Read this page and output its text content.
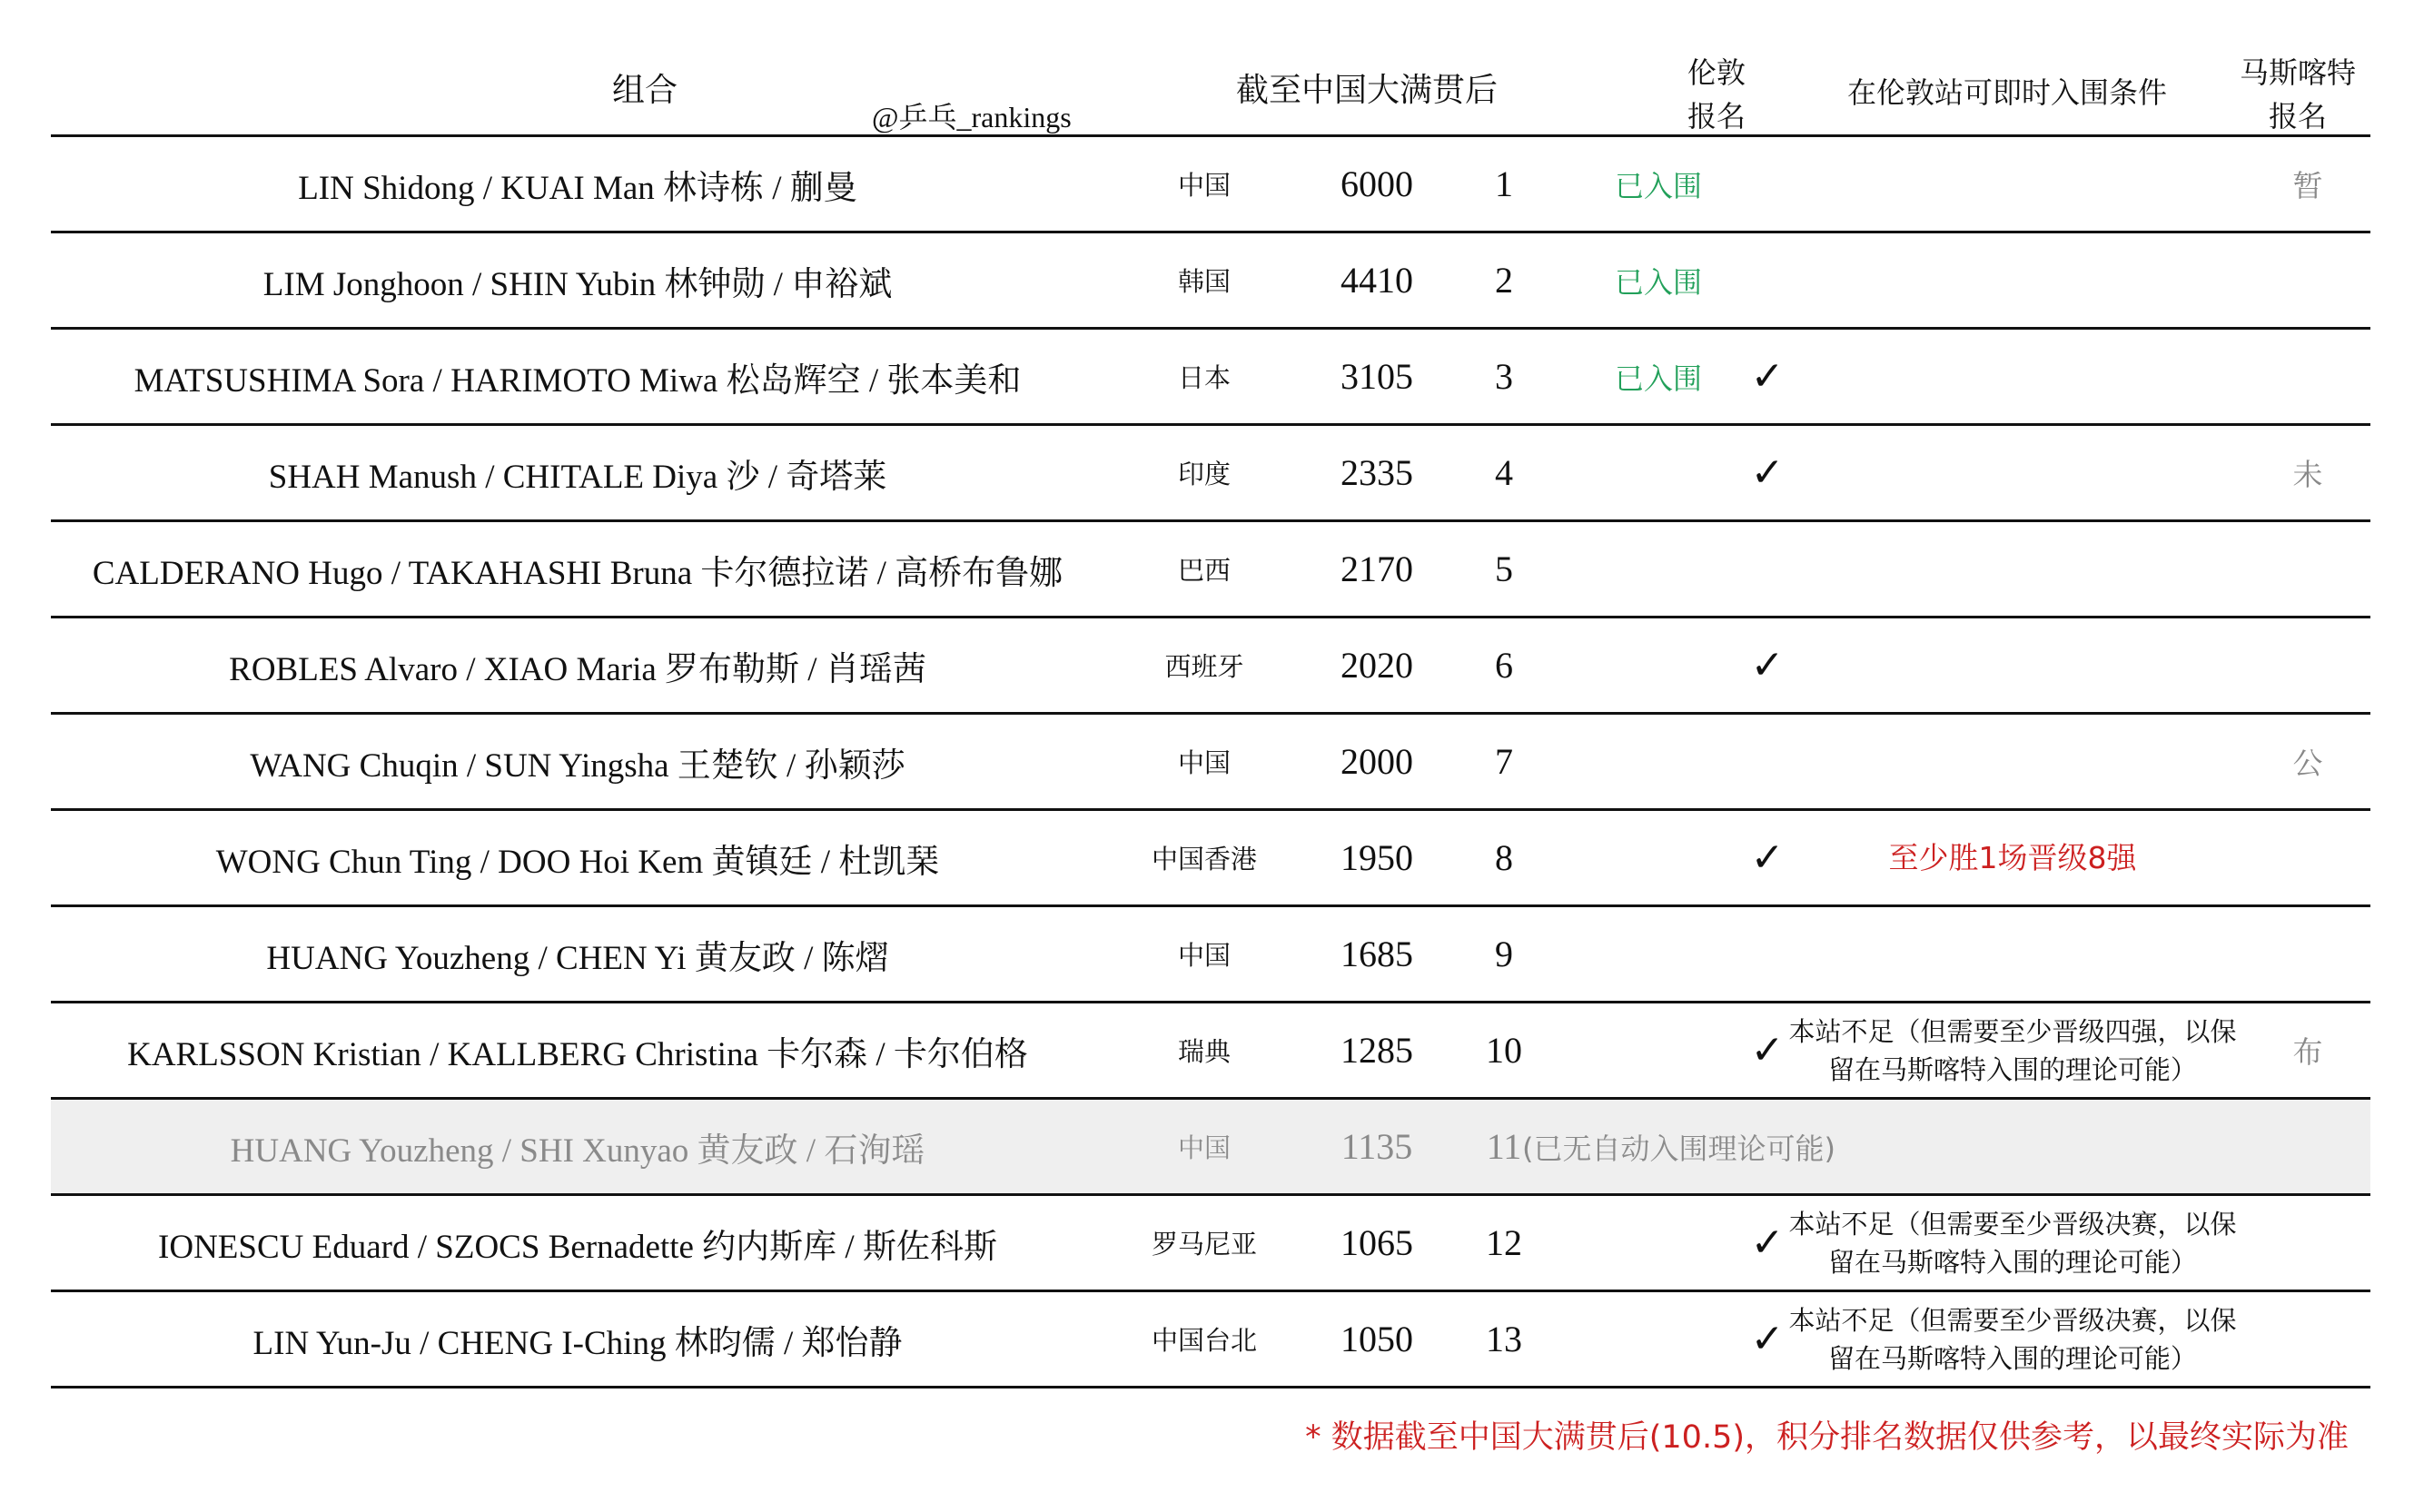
组合
@乒乓_rankings
截至中国大满贯后	伦敦
报名
在伦敦站可即时入围条件
马斯喀特
报名
LIN Shidong / KUAI Man 林诗栋 / 蒯曼	中国	6000	1	已入围	暂
LIM Jonghoon / SHIN Yubin 林钟勋 / 申裕斌	韩国	4410	2	已入围
MATSUSHIMA Sora / HARIMOTO Miwa 松岛辉空 / 张本美和	日本	3105	3	已入围	✓
SHAH Manush / CHITALE Diya 沙 / 奇塔莱	印度	2335	4	✓	未
CALDERANO Hugo / TAKAHASHI Bruna 卡尔德拉诺 / 高桥布鲁娜	巴西	2170	5
ROBLES Alvaro / XIAO Maria 罗布勒斯 / 肖瑶茜	西班牙	2020	6	✓
WANG Chuqin / SUN Yingsha 王楚钦 / 孙颖莎	中国	2000	7	公
WONG Chun Ting / DOO Hoi Kem 黄镇廷 / 杜凯琹	中国香港	1950	8	✓	至少胜1场晋级8强
HUANG Youzheng / CHEN Yi 黄友政 / 陈熠	中国	1685	9
KARLSSON Kristian / KALLBERG Christina 卡尔森 / 卡尔伯格	瑞典	1285	10	✓ 本站不足（但需要至少晋级四强，以保留在马斯喀特入围的理论可能）	布
HUANG Youzheng / SHI Xunyao 黄友政 / 石洵瑶	中国	1135	11 (已无自动入围理论可能)
IONESCU Eduard / SZOCS Bernadette 约内斯库 / 斯佐科斯	罗马尼亚	1065	12	✓ 本站不足（但需要至少晋级决赛，以保留在马斯喀特入围的理论可能）
LIN Yun-Ju / CHENG I-Ching 林昀儒 / 郑怡静	中国台北	1050	13	✓ 本站不足（但需要至少晋级决赛，以保留在马斯喀特入围的理论可能）
* 数据截至中国大满贯后(10.5)，积分排名数据仅供参考，以最终实际为准
